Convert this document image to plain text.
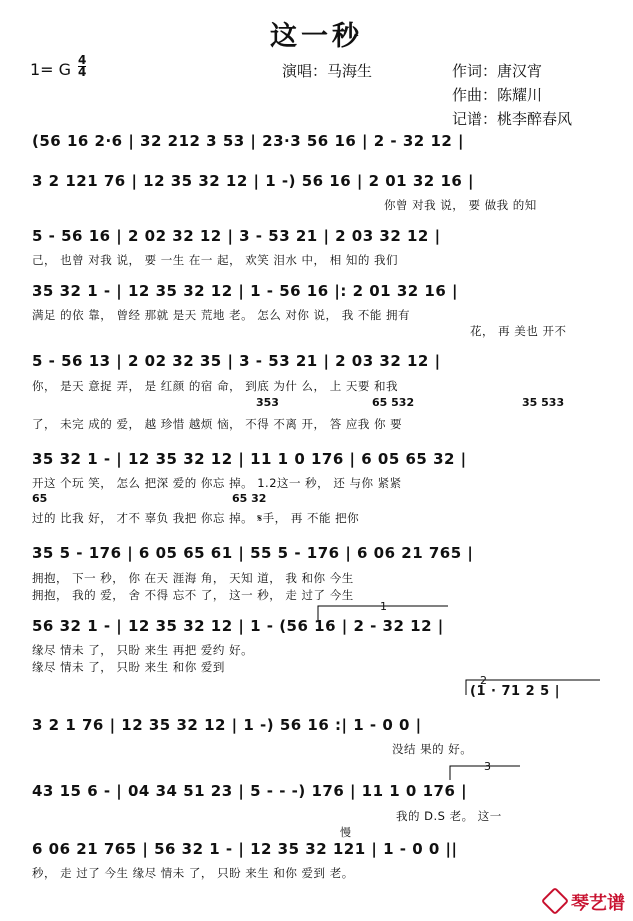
这一秒
1= G 4
4	演唱：马海生	作词：唐汉宵
作曲：陈耀川
记谱：桃李醉春风
(56 16 2·6 | 32 212 3 53 | 23·3 56 16 | 2 - 32 12 |
3 2 121 76 | 12 35 32 12 | 1 -) 56 16 | 2 01 32 16 |
你曾 对我 说， 要 做我 的知
5 - 56 16 | 2 02 32 12 | 3 - 53 21 | 2 03 32 12 |
己， 也曾 对我 说， 要 一生 在一 起， 欢笑 泪水 中， 相 知的 我们
35 32 1 - | 12 35 32 12 | 1 - 56 16 |: 2 01 32 16 |
满足 的依 靠， 曾经 那就 是天 荒地 老。 怎么 对你 说， 我 不能 拥有
花， 再 美也 开不
5 - 56 13 | 2 02 32 35 | 3 - 53 21 | 2 03 32 12 |
你， 是天 意捉 弄， 是 红颜 的宿 命， 到底 为什 么， 上 天要 和我
353	65 532	35 533
了， 未完 成的 爱， 越 珍惜 越烦 恼， 不得 不离 开， 答 应我 你 要
35 32 1 - | 12 35 32 12 | 11 1 0 176 | 6 05 65 32 |
开这 个玩 笑， 怎么 把深 爱的 你忘 掉。 1.2这一 秒， 还 与你 紧紧
65	65 32
过的 比我 好， 才不 辜负 我把 你忘 掉。 𝄋手， 再 不能 把你
35 5 - 176 | 6 05 65 61 | 55 5 - 176 | 6 06 21 765 |
拥抱， 下一 秒， 你 在天 涯海 角， 天知 道， 我 和你 今生
拥抱， 我的 爱， 舍 不得 忘不 了， 这一 秒， 走 过了 今生
56 32 1 - | 12 35 32 12 | 1 - (56 16 | 2 - 32 12 |
缘尽 情未 了， 只盼 来生 再把 爱约 好。
缘尽 情未 了， 只盼 来生 和你 爱到
(1 · 71 2 5 |
3 2 1 76 | 12 35 32 12 | 1 -) 56 16 :| 1 - 0 0 |
没结 果的 好。
43 15 6 - | 04 34 51 23 | 5 - - -) 176 | 11 1 0 176 |
我的 D.S 老。 这一
慢
6 06 21 765 | 56 32 1 - | 12 35 32 121 | 1 - 0 0 ||
秒， 走 过了 今生 缘尽 情未 了， 只盼 来生 和你 爱到 老。
1
2
3
琴艺谱
